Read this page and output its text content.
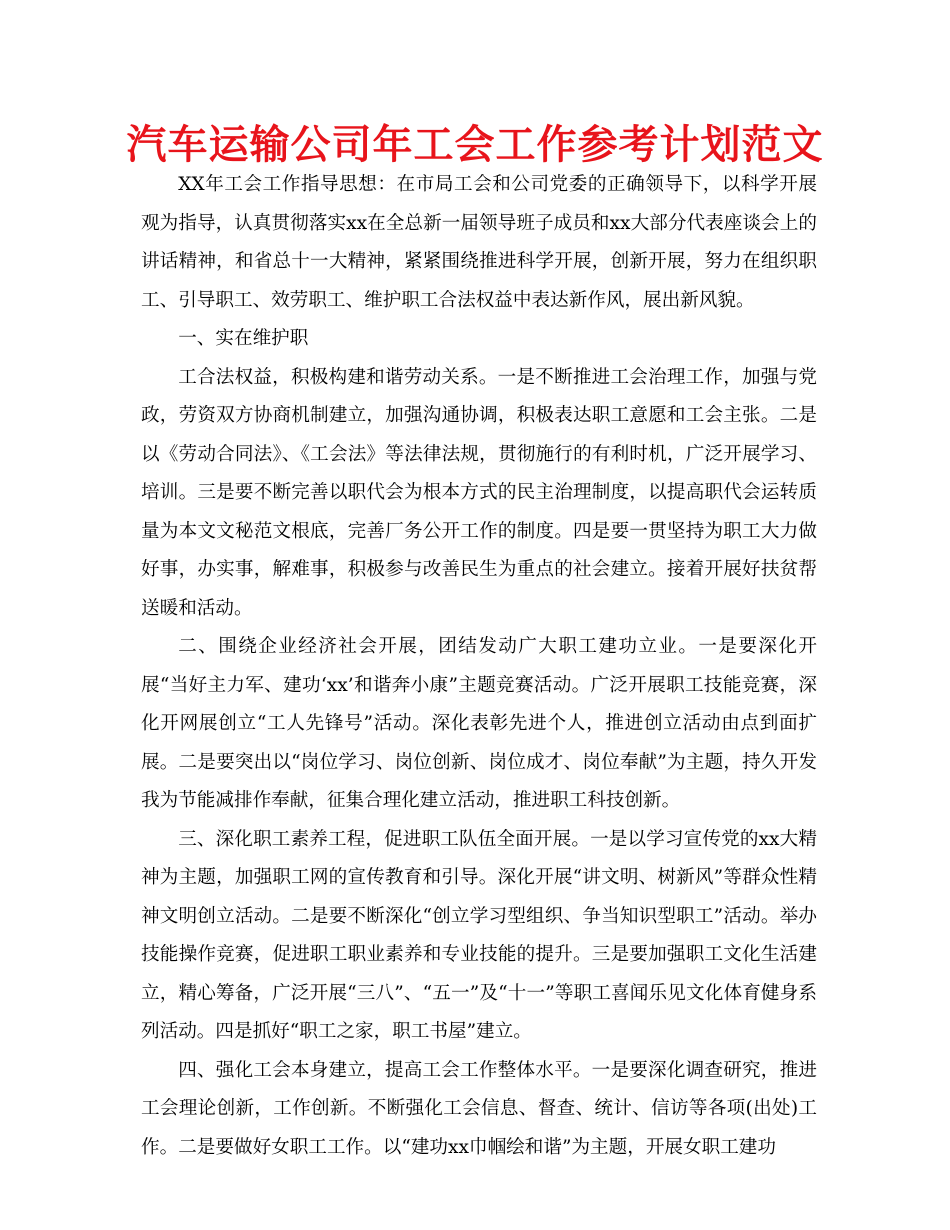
汽车运输公司年工会工作参考计划范文

XX年工会工作指导思想：在市局工会和公司党委的正确领导下，以科学开展观为指导，认真贯彻落实xx在全总新一届领导班子成员和xx大部分代表座谈会上的讲话精神，和省总十一大精神，紧紧围绕推进科学开展，创新开展，努力在组织职工、引导职工、效劳职工、维护职工合法权益中表达新作风，展出新风貌。

一、实在维护职

工合法权益，积极构建和谐劳动关系。一是不断推进工会治理工作，加强与党政，劳资双方协商机制建立，加强沟通协调，积极表达职工意愿和工会主张。二是以《劳动合同法》、《工会法》等法律法规，贯彻施行的有利时机，广泛开展学习、培训。三是要不断完善以职代会为根本方式的民主治理制度，以提高职代会运转质量为本文文秘范文根底，完善厂务公开工作的制度。四是要一贯坚持为职工大力做好事，办实事，解难事，积极参与改善民生为重点的社会建立。接着开展好扶贫帮送暖和活动。

二、围绕企业经济社会开展，团结发动广大职工建功立业。一是要深化开展“当好主力军、建功‘xx’和谐奔小康”主题竞赛活动。广泛开展职工技能竞赛，深化开网展创立“工人先锋号”活动。深化表彰先进个人，推进创立活动由点到面扩展。二是要突出以“岗位学习、岗位创新、岗位成才、岗位奉献”为主题，持久开发我为节能减排作奉献，征集合理化建立活动，推进职工科技创新。

三、深化职工素养工程，促进职工队伍全面开展。一是以学习宣传党的xx大精神为主题，加强职工网的宣传教育和引导。深化开展“讲文明、树新风”等群众性精神文明创立活动。二是要不断深化“创立学习型组织、争当知识型职工”活动。举办技能操作竞赛，促进职工职业素养和专业技能的提升。三是要加强职工文化生活建立，精心筹备，广泛开展“三八”、“五一”及“十一”等职工喜闻乐见文化体育健身系列活动。四是抓好“职工之家，职工书屋”建立。

四、强化工会本身建立，提高工会工作整体水平。一是要深化调查研究，推进工会理论创新，工作创新。不断强化工会信息、督查、统计、信访等各项(出处)工作。二是要做好女职工工作。以“建功xx巾帼绘和谐”为主题，开展女职工建功
